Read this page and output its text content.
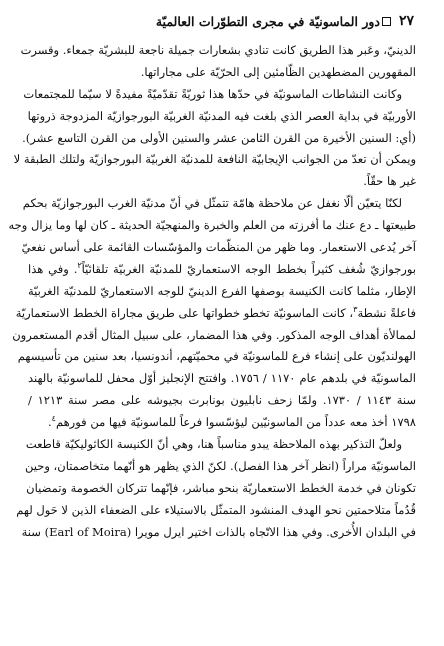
٢٧
دور الماسونيّة في مجرى التطوّرات العالميّة
الدينيّ، وعَبر هذا الطريق كانت تنادي بشعارات جميلة ناجعة للبشريّة جمعاء. وقسرت
المقهورين المضطهدين الظّامئين إلى الحرّيّة على مجاراتها.
وكانت النشاطات الماسونيّة في حدّها هذا ثوريّةً تقدّميّةً مفيدةً لا سيّما للمجتمعات
الأوربيّة في بداية العصر الذي بلغت فيه المدنيّة الغربيّة البورجوازيّة المزدوجة ذروتها
(أي: السنين الأخيرة من القرن الثامن عشر والسنين الأولى من القرن التاسع عشر).
ويمكن أن تعدّ من الجوانب الإيجابيّة النافعة للمدنيّة الغربيّة البورجوازيّة ولتلك الطبقة لا
غير ها حقّاً.
لكنّا يتعيّن ألّا نغفل عن ملاحظة هامّة تتمثّل في أنّ مدنيّة الغرب البورجوازيّة بحكم
طبيعتها ـ دع عنك ما أفرزته من العلم والخبرة والمنهجيّة الحديثة ـ كان لها وما يزال وجه
آخر يُدعى الاستعمار. وما ظهر من المنظّمات والمؤسّسات القائمة على أساس نفعيّ
بورجوازيّ شُغف كثيراً بخطط الوجه الاستعماريّ للمدنيّة الغربيّة تلقائيّاً$^٢$. وفي هذا
الإطار، مثلما كانت الكنيسة بوصفها الفرع الدينيّ للوجه الاستعماريّ للمدنيّة الغربيّة
فاعلةً نشطة$^٣$، كانت الماسونيّة تخطو خطواتها على طريق مجاراة الخطط الاستعماريّة
لممالأة أهداف الوجه المذكور. وفي هذا المضمار، على سبيل المثال أقدم المستعمرون
الهولنديّون على إنشاء فرع للماسونيّة في محميّتهم، أندونسيا، بعد سنين من تأسيسهم
الماسونيّة في بلدهم عام ١١٧٠ / ١٧٥٦. وافتتح الإنجليز أوّل محفل للماسونيّة بالهند
سنة ١١٤٣ / ١٧٣٠. ولمّا زحف نابليون بونابرت بجيوشه على مصر سنة ١٢١٣ /
١٧٩٨ أخذ معه عدداً من الماسونيّين ليؤسّسوا فرعاً للماسونيّة فيها من فورهم$^٤$.
ولعلّ التذكير بهذه الملاحظة يبدو مناسباً هنا، وهي أنّ الكنيسة الكاثوليكيّة قاطعت
الماسونيّة مراراً (انظر آخر هذا الفصل). لكنّ الذي يظهر هو أنّهما متخاصمتان، وحين
تكونان في خدمة الخطط الاستعماريّة بنحو مباشر، فإنّهما تتركان الخصومة وتمضيان
قُدُماً متلاحمتين نحو الهدف المنشود المتمثّل بالاستيلاء على الضعفاء الذين لا حَول لهم
في البلدان الأُخرى. وفي هذا الاتّجاه بالذات اختير ايرل مويرا (Earl of Moira) سنة
